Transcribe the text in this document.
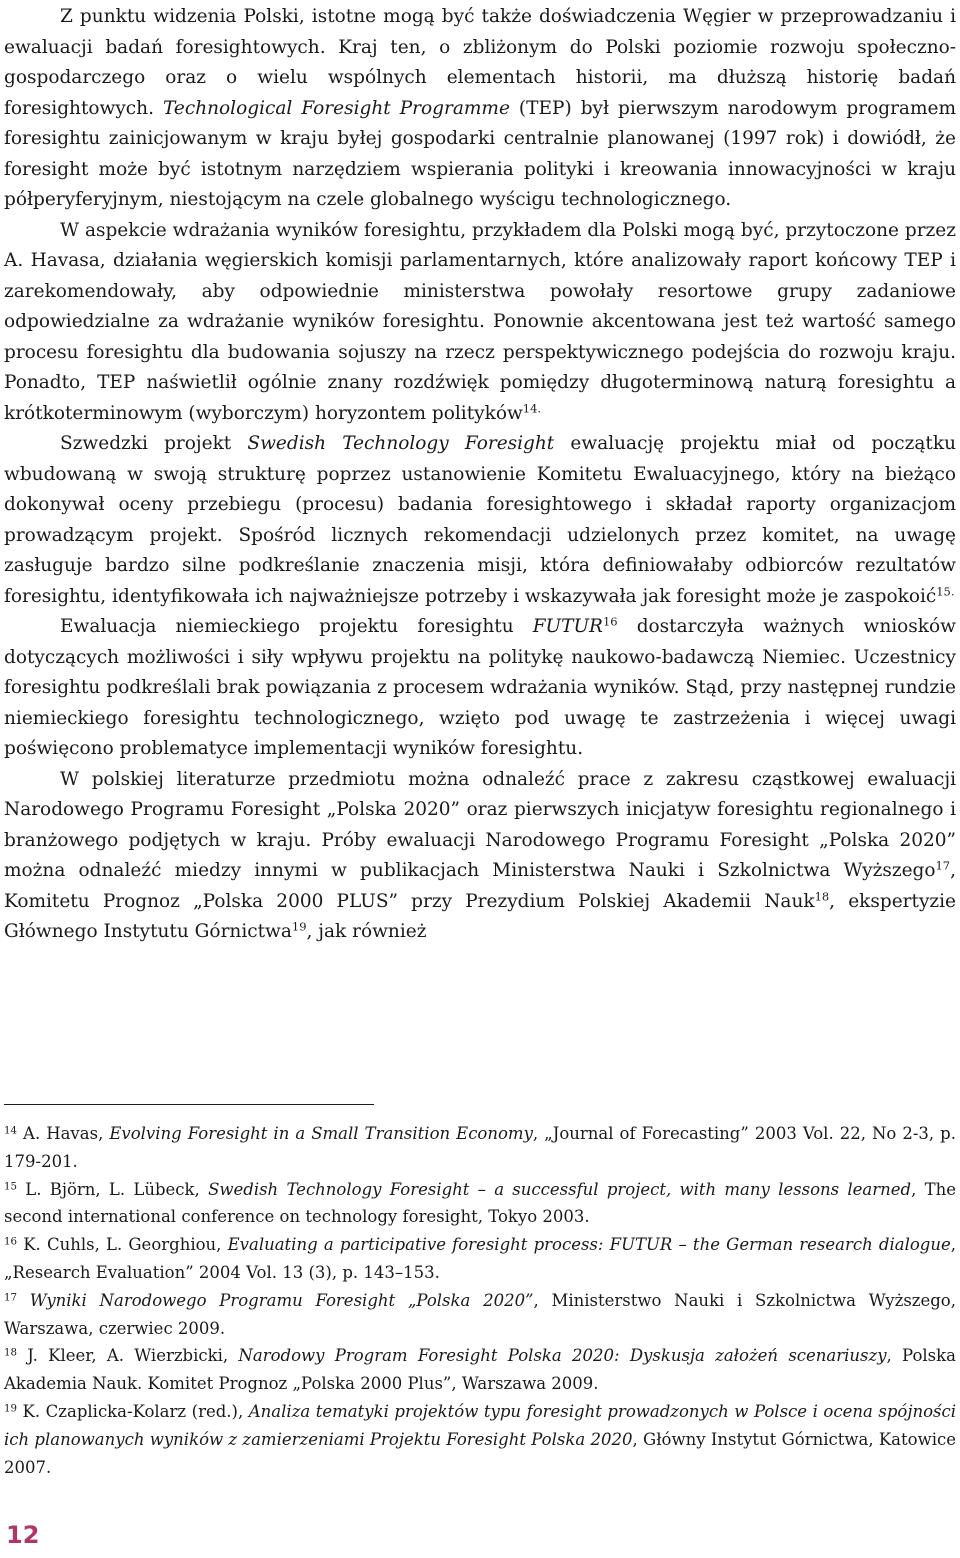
Z punktu widzenia Polski, istotne mogą być także doświadczenia Węgier w przeprowadzaniu i ewaluacji badań foresightowych. Kraj ten, o zbliżonym do Polski poziomie rozwoju społeczno-gospodarczego oraz o wielu wspólnych elementach historii, ma dłuższą historię badań foresightowych. Technological Foresight Programme (TEP) był pierwszym narodowym programem foresightu zainicjowanym w kraju byłej gospodarki centralnie planowanej (1997 rok) i dowiódł, że foresight może być istotnym narzędziem wspierania polityki i kreowania innowacyjności w kraju półperyferyjnym, niestojącym na czele globalnego wyścigu technologicznego.

W aspekcie wdrażania wyników foresightu, przykładem dla Polski mogą być, przytoczone przez A. Havasa, działania węgierskich komisji parlamentarnych, które analizowały raport końcowy TEP i zarekomendowały, aby odpowiednie ministerstwa powołały resortowe grupy zadaniowe odpowiedzialne za wdrażanie wyników foresightu. Ponownie akcentowana jest też wartość samego procesu foresightu dla budowania sojuszy na rzecz perspektywicznego podejścia do rozwoju kraju. Ponadto, TEP naświetlił ogólnie znany rozdźwięk pomiędzy długoterminową naturą foresightu a krótkoterminowym (wyborczym) horyzontem polityków$^{14.}$

Szwedzki projekt Swedish Technology Foresight ewaluację projektu miał od początku wbudowaną w swoją strukturę poprzez ustanowienie Komitetu Ewaluacyjnego, który na bieżąco dokonywał oceny przebiegu (procesu) badania foresightowego i składał raporty organizacjom prowadzącym projekt. Spośród licznych rekomendacji udzielonych przez komitet, na uwagę zasługuje bardzo silne podkreślanie znaczenia misji, która definiowałaby odbiorców rezultatów foresightu, identyfikowała ich najważniejsze potrzeby i wskazywała jak foresight może je zaspokoić$^{15.}$

Ewaluacja niemieckiego projektu foresightu FUTUR$^{16}$ dostarczyła ważnych wniosków dotyczących możliwości i siły wpływu projektu na politykę naukowo-badawczą Niemiec. Uczestnicy foresightu podkreślali brak powiązania z procesem wdrażania wyników. Stąd, przy następnej rundzie niemieckiego foresightu technologicznego, wzięto pod uwagę te zastrzeżenia i więcej uwagi poświęcono problematyce implementacji wyników foresightu.

W polskiej literaturze przedmiotu można odnaleźć prace z zakresu cząstkowej ewaluacji Narodowego Programu Foresight „Polska 2020” oraz pierwszych inicjatyw foresightu regionalnego i branżowego podjętych w kraju. Próby ewaluacji Narodowego Programu Foresight „Polska 2020” można odnaleźć miedzy innymi w publikacjach Ministerstwa Nauki i Szkolnictwa Wyższego$^{17}$, Komitetu Prognoz „Polska 2000 PLUS” przy Prezydium Polskiej Akademii Nauk$^{18}$, ekspertyzie Głównego Instytutu Górnictwa$^{19}$, jak również

$^{14}$ A. Havas, Evolving Foresight in a Small Transition Economy, „Journal of Forecasting” 2003 Vol. 22, No 2-3, p. 179-201.

$^{15}$ L. Björn, L. Lübeck, Swedish Technology Foresight – a successful project, with many lessons learned, The second international conference on technology foresight, Tokyo 2003.

$^{16}$ K. Cuhls, L. Georghiou, Evaluating a participative foresight process: FUTUR – the German research dialogue, „Research Evaluation” 2004 Vol. 13 (3), p. 143–153.

$^{17}$ Wyniki Narodowego Programu Foresight „Polska 2020”, Ministerstwo Nauki i Szkolnictwa Wyższego, Warszawa, czerwiec 2009.

$^{18}$ J. Kleer, A. Wierzbicki, Narodowy Program Foresight Polska 2020: Dyskusja założeń scenariuszy, Polska Akademia Nauk. Komitet Prognoz „Polska 2000 Plus”, Warszawa 2009.

$^{19}$ K. Czaplicka-Kolarz (red.), Analiza tematyki projektów typu foresight prowadzonych w Polsce i ocena spójności ich planowanych wyników z zamierzeniami Projektu Foresight Polska 2020, Główny Instytut Górnictwa, Katowice 2007.

12
